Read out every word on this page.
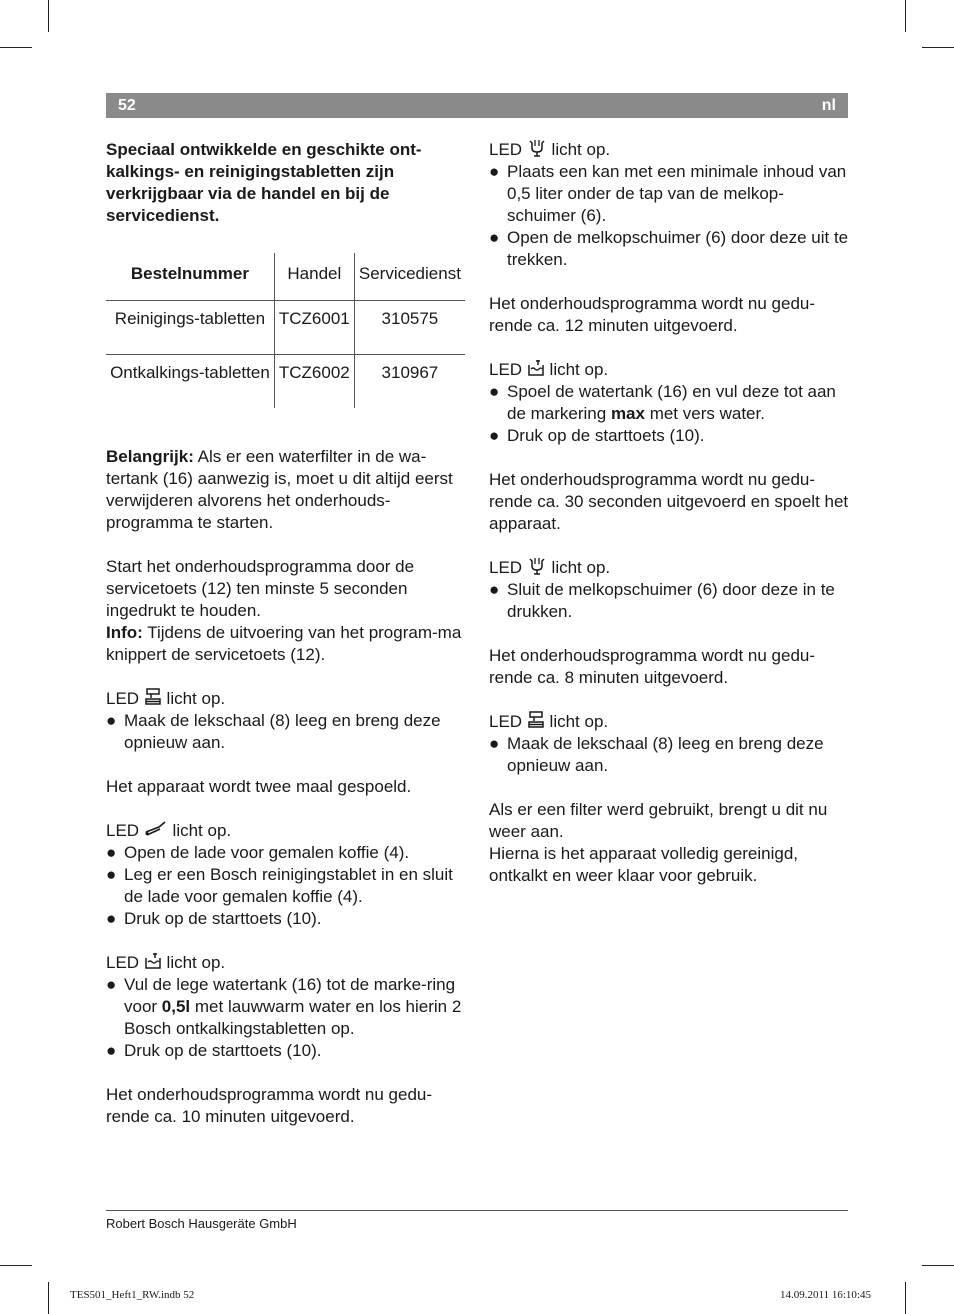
52	nl

Speciaal ontwikkelde en geschikte ont-kalkings- en reinigingstabletten zijn verkrijgbaar via de handel en bij de servicedienst.

Bestelnummer	Handel	Servicedienst
Reinigings-tabletten	TCZ6001	310575
Ontkalkings-tabletten	TCZ6002	310967

Belangrijk: Als er een waterfilter in de wa-tertank (16) aanwezig is, moet u dit altijd eerst verwijderen alvorens het onderhouds-programma te starten.

Start het onderhoudsprogramma door de servicetoets (12) ten minste 5 seconden ingedrukt te houden.

Info: Tijdens de uitvoering van het program-ma knippert de servicetoets (12).

LED licht op.

● Maak de lekschaal (8) leeg en breng deze opnieuw aan.

Het apparaat wordt twee maal gespoeld.

LED licht op.

● Open de lade voor gemalen koffie (4).
● Leg er een Bosch reinigingstablet in en sluit de lade voor gemalen koffie (4).
● Druk op de starttoets (10).

LED licht op.

● Vul de lege watertank (16) tot de marke-ring voor 0,5l met lauwwarm water en los hierin 2 Bosch ontkalkingstabletten op.
● Druk op de starttoets (10).

Het onderhoudsprogramma wordt nu gedu-rende ca. 10 minuten uitgevoerd.

LED licht op.

● Plaats een kan met een minimale inhoud van 0,5 liter onder de tap van de melkop-schuimer (6).
● Open de melkopschuimer (6) door deze uit te trekken.

Het onderhoudsprogramma wordt nu gedu-rende ca. 12 minuten uitgevoerd.

LED licht op.

● Spoel de watertank (16) en vul deze tot aan de markering max met vers water.
● Druk op de starttoets (10).

Het onderhoudsprogramma wordt nu gedu-rende ca. 30 seconden uitgevoerd en spoelt het apparaat.

LED licht op.

● Sluit de melkopschuimer (6) door deze in te drukken.

Het onderhoudsprogramma wordt nu gedu-rende ca. 8 minuten uitgevoerd.

LED licht op.

● Maak de lekschaal (8) leeg en breng deze opnieuw aan.

Als er een filter werd gebruikt, brengt u dit nu weer aan.

Hierna is het apparaat volledig gereinigd, ontkalkt en weer klaar voor gebruik.

Robert Bosch Hausgeräte GmbH
TES501_Heft1_RW.indb 52	14.09.2011 16:10:45
